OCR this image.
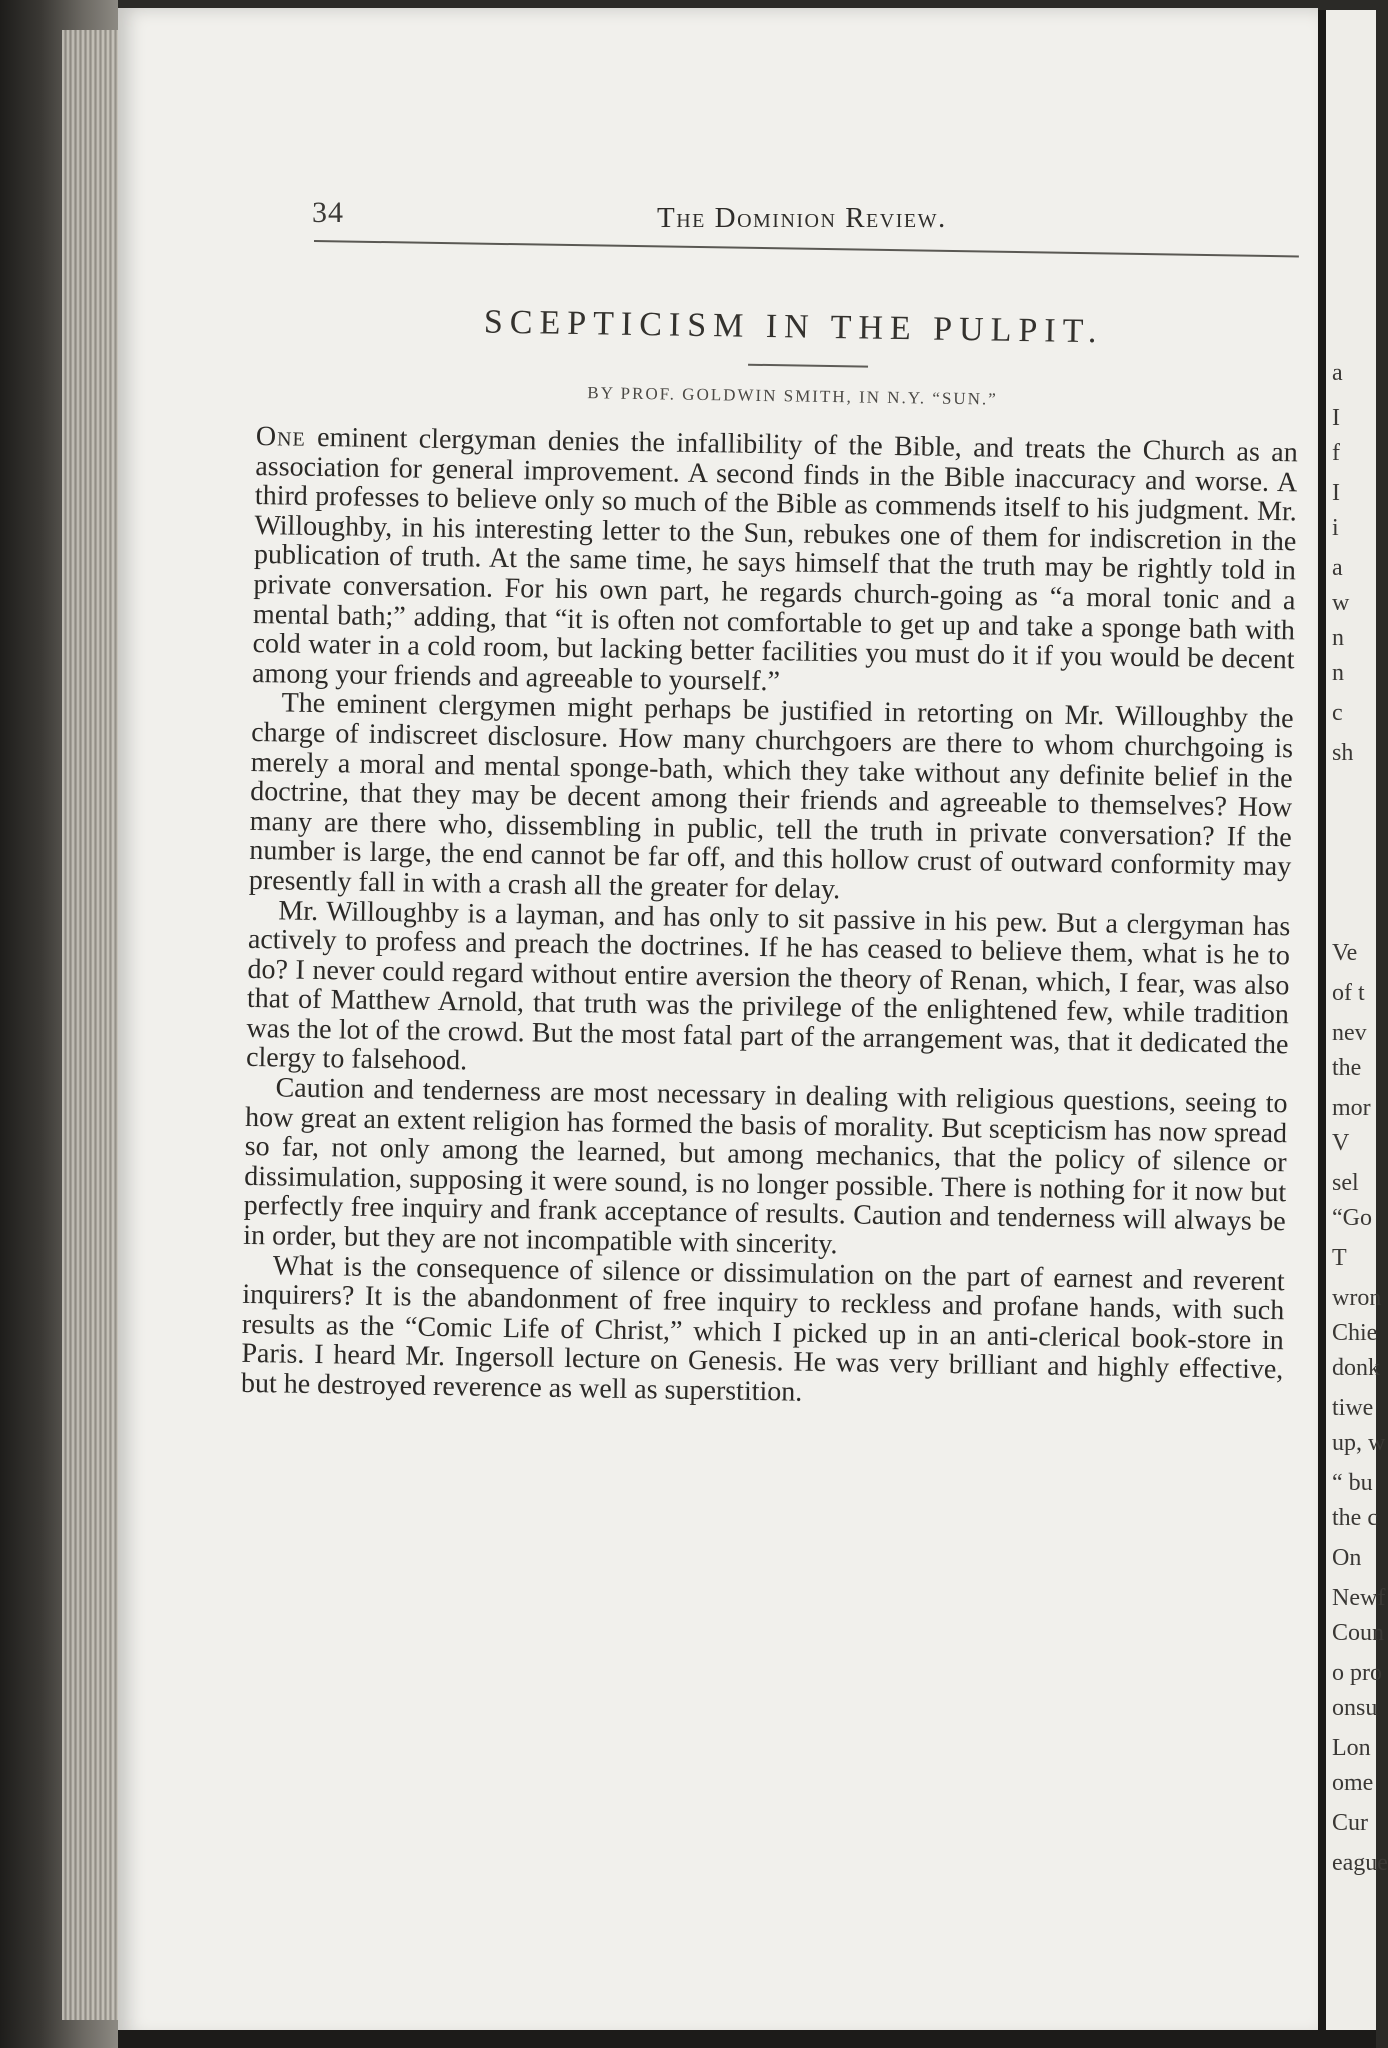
34	The Dominion Review.
SCEPTICISM IN THE PULPIT.
BY PROF. GOLDWIN SMITH, IN N.Y. “SUN.”

One eminent clergyman denies the infallibility of the Bible, and treats the Church as an association for general improvement. A second finds in the Bible inaccuracy and worse. A third professes to believe only so much of the Bible as commends itself to his judgment. Mr. Willoughby, in his interesting letter to the Sun, rebukes one of them for indiscretion in the publication of truth. At the same time, he says himself that the truth may be rightly told in private conversation. For his own part, he regards church-going as “a moral tonic and a mental bath;” adding, that “it is often not comfortable to get up and take a sponge bath with cold water in a cold room, but lacking better facilities you must do it if you would be decent among your friends and agreeable to yourself.”

The eminent clergymen might perhaps be justified in retorting on Mr. Willoughby the charge of indiscreet disclosure. How many churchgoers are there to whom churchgoing is merely a moral and mental sponge-bath, which they take without any definite belief in the doctrine, that they may be decent among their friends and agreeable to themselves? How many are there who, dissembling in public, tell the truth in private conversation? If the number is large, the end cannot be far off, and this hollow crust of outward conformity may presently fall in with a crash all the greater for delay.

Mr. Willoughby is a layman, and has only to sit passive in his pew. But a clergyman has actively to profess and preach the doctrines. If he has ceased to believe them, what is he to do? I never could regard without entire aversion the theory of Renan, which, I fear, was also that of Matthew Arnold, that truth was the privilege of the enlightened few, while tradition was the lot of the crowd. But the most fatal part of the arrangement was, that it dedicated the clergy to falsehood.

Caution and tenderness are most necessary in dealing with religious questions, seeing to how great an extent religion has formed the basis of morality. But scepticism has now spread so far, not only among the learned, but among mechanics, that the policy of silence or dissimulation, supposing it were sound, is no longer possible. There is nothing for it now but perfectly free inquiry and frank acceptance of results. Caution and tenderness will always be in order, but they are not incompatible with sincerity.

What is the consequence of silence or dissimulation on the part of earnest and reverent inquirers? It is the abandonment of free inquiry to reckless and profane hands, with such results as the “Comic Life of Christ,” which I picked up in an anti-clerical book-store in Paris. I heard Mr. Ingersoll lecture on Genesis. He was very brilliant and highly effective, but he destroyed reverence as well as superstition.

a
I
f
I
i
a
w
n
n
c
sh
Ve
of t
nev
the
mor
V
sel
“Go
T
wron
Chie
donk
tiwe
up, w
“ bu
the c
On
Newf
Coun
o pro
onsu
Lon
ome
Cur
eague
